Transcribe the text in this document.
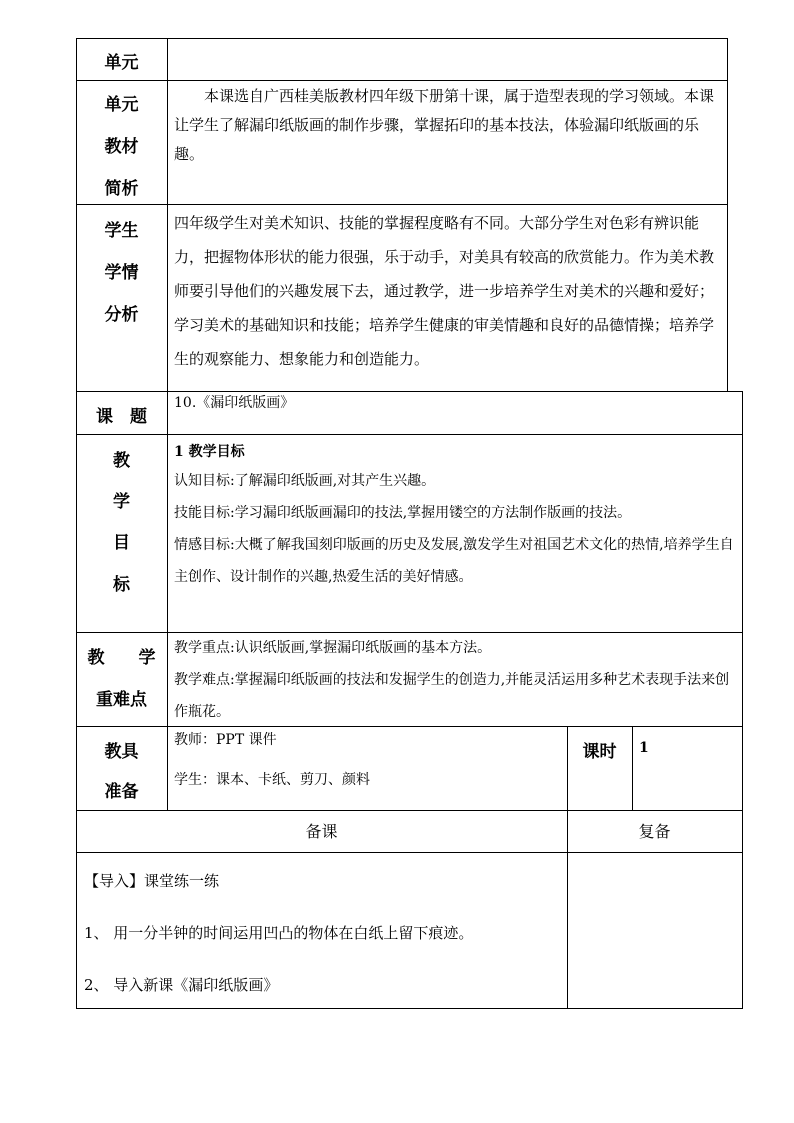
单元
单元
教材
简析
本课选自广西桂美版教材四年级下册第十课，属于造型表现的学习领域。本课让学生了解漏印纸版画的制作步骤，掌握拓印的基本技法，体验漏印纸版画的乐趣。
学生
学情
分析
四年级学生对美术知识、技能的掌握程度略有不同。大部分学生对色彩有辨识能力，把握物体形状的能力很强，乐于动手，对美具有较高的欣赏能力。作为美术教师要引导他们的兴趣发展下去，通过教学，进一步培养学生对美术的兴趣和爱好；学习美术的基础知识和技能；培养学生健康的审美情趣和良好的品德情操；培养学生的观察能力、想象能力和创造能力。
课　题
10.《漏印纸版画》
教
学
目
标
1 教学目标
认知目标:了解漏印纸版画,对其产生兴趣。
技能目标:学习漏印纸版画漏印的技法,掌握用镂空的方法制作版画的技法。
情感目标:大概了解我国刻印版画的历史及发展,激发学生对祖国艺术文化的热情,培养学生自主创作、设计制作的兴趣,热爱生活的美好情感。
教　　学
重难点
教学重点:认识纸版画,掌握漏印纸版画的基本方法。
教学难点:掌握漏印纸版画的技法和发掘学生的创造力,并能灵活运用多种艺术表现手法来创作瓶花。
教具
准备
教师：PPT 课件
学生：课本、卡纸、剪刀、颜料
课时	1
备课	复备
【导入】课堂练一练
1、 用一分半钟的时间运用凹凸的物体在白纸上留下痕迹。
2、 导入新课《漏印纸版画》
